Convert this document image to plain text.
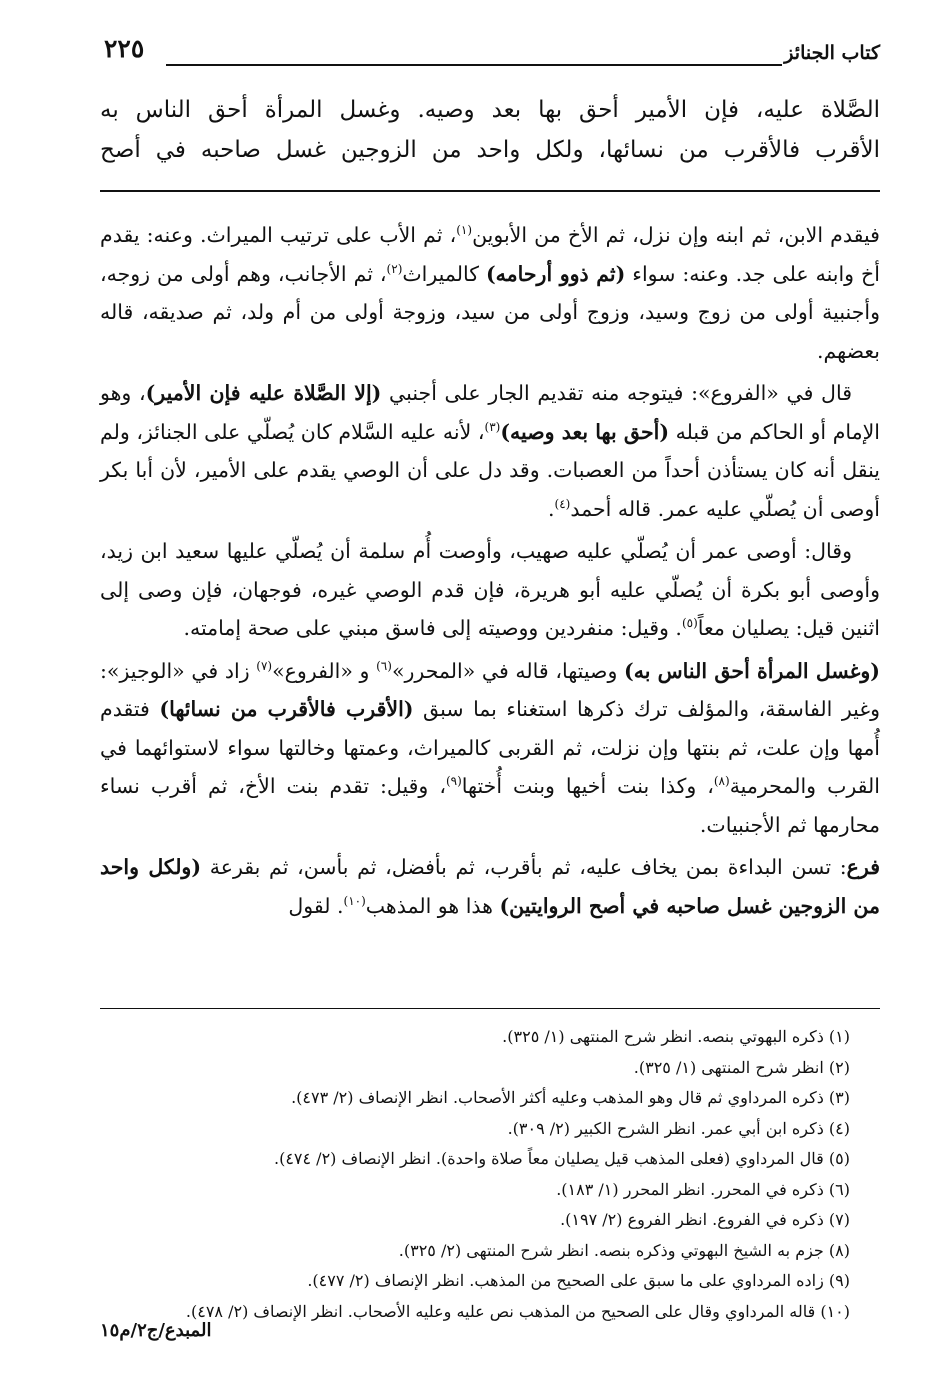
كتاب الجنائز
٢٢٥
الصَّلاة عليه، فإن الأمير أحق بها بعد وصيه. وغسل المرأة أحق الناس به
الأقرب فالأقرب من نسائها، ولكل واحد من الزوجين غسل صاحبه في أصح

فيقدم الابن، ثم ابنه وإن نزل، ثم الأخ من الأبوين$^{(١)}$، ثم الأب على ترتيب الميراث. وعنه: يقدم أخ وابنه على جد. وعنه: سواء (ثم ذوو أرحامه) كالميراث$^{(٢)}$، ثم الأجانب، وهم أولى من زوجه، وأجنبية أولى من زوج وسيد، وزوج أولى من سيد، وزوجة أولى من أم ولد، ثم صديقه، قاله بعضهم.

قال في «الفروع»: فيتوجه منه تقديم الجار على أجنبي (إلا الصَّلاة عليه فإن الأمير)، وهو الإمام أو الحاكم من قبله (أحق بها بعد وصيه)$^{(٣)}$، لأنه عليه السَّلام كان يُصلّي على الجنائز، ولم ينقل أنه كان يستأذن أحداً من العصبات. وقد دل على أن الوصي يقدم على الأمير، لأن أبا بكر أوصى أن يُصلّي عليه عمر. قاله أحمد$^{(٤)}$.

وقال: أوصى عمر أن يُصلّي عليه صهيب، وأوصت أُم سلمة أن يُصلّي عليها سعيد ابن زيد، وأوصى أبو بكرة أن يُصلّي عليه أبو هريرة، فإن قدم الوصي غيره، فوجهان، فإن وصى إلى اثنين قيل: يصليان معاً$^{(٥)}$. وقيل: منفردين ووصيته إلى فاسق مبني على صحة إمامته.

(وغسل المرأة أحق الناس به) وصيتها، قاله في «المحرر»$^{(٦)}$ و «الفروع»$^{(٧)}$ زاد في «الوجيز»: وغير الفاسقة، والمؤلف ترك ذكرها استغناء بما سبق (الأقرب فالأقرب من نسائها) فتقدم أُمها وإن علت، ثم بنتها وإن نزلت، ثم القربى كالميراث، وعمتها وخالتها سواء لاستوائهما في القرب والمحرمية$^{(٨)}$، وكذا بنت أخيها وبنت أُختها$^{(٩)}$، وقيل: تقدم بنت الأخ، ثم أقرب نساء محارمها ثم الأجنبيات.

فرع: تسن البداءة بمن يخاف عليه، ثم بأقرب، ثم بأفضل، ثم بأسن، ثم بقرعة (ولكل واحد من الزوجين غسل صاحبه في أصح الروايتين) هذا هو المذهب$^{(١٠)}$. لقول

(١) ذكره البهوتي بنصه. انظر شرح المنتهى (١/ ٣٢٥).
(٢) انظر شرح المنتهى (١/ ٣٢٥).
(٣) ذكره المرداوي ثم قال وهو المذهب وعليه أكثر الأصحاب. انظر الإنصاف (٢/ ٤٧٣).
(٤) ذكره ابن أبي عمر. انظر الشرح الكبير (٢/ ٣٠٩).
(٥) قال المرداوي (فعلى المذهب قيل يصليان معاً صلاة واحدة). انظر الإنصاف (٢/ ٤٧٤).
(٦) ذكره في المحرر. انظر المحرر (١/ ١٨٣).
(٧) ذكره في الفروع. انظر الفروع (٢/ ١٩٧).
(٨) جزم به الشيخ البهوتي وذكره بنصه. انظر شرح المنتهى (٢/ ٣٢٥).
(٩) زاده المرداوي على ما سبق على الصحيح من المذهب. انظر الإنصاف (٢/ ٤٧٧).
(١٠) قاله المرداوي وقال على الصحيح من المذهب نص عليه وعليه الأصحاب. انظر الإنصاف (٢/ ٤٧٨).
المبدع/ج٢/م١٥
